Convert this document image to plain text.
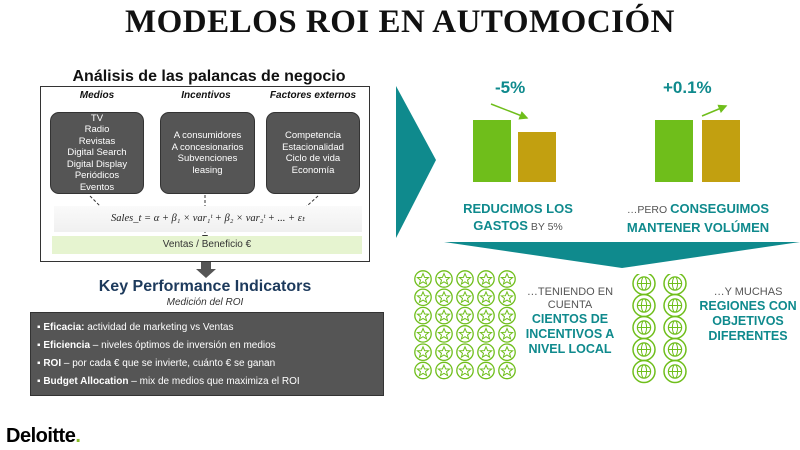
MODELOS ROI EN AUTOMOCIÓN
Análisis de las palancas de negocio
Medios	Incentivos	Factores externos
TV
Radio
Revistas
Digital Search
Digital Display
Periódicos
Eventos
A consumidores
A concesionarios
Subvenciones
leasing
Competencia
Estacionalidad
Ciclo de vida
Economía
Sales_t = α + β₁ × var₁ᵗ + β₂ × var₂ᵗ + ... + εₜ
Ventas / Beneficio €
Key Performance Indicators
Medición del ROI
▪ Eficacia: actividad de marketing vs Ventas
▪ Eficiencia – niveles óptimos de inversión en medios
▪ ROI – por cada € que se invierte, cuánto € se ganan
▪ Budget Allocation – mix de medios que maximiza el ROI
Deloitte.
-5%
REDUCIMOS LOS GASTOS BY 5%
+0.1%
…PERO CONSEGUIMOS MANTENER VOLÚMEN
…TENIENDO EN CUENTA
CIENTOS DE INCENTIVOS A NIVEL LOCAL
…Y MUCHAS
REGIONES CON OBJETIVOS DIFERENTES
